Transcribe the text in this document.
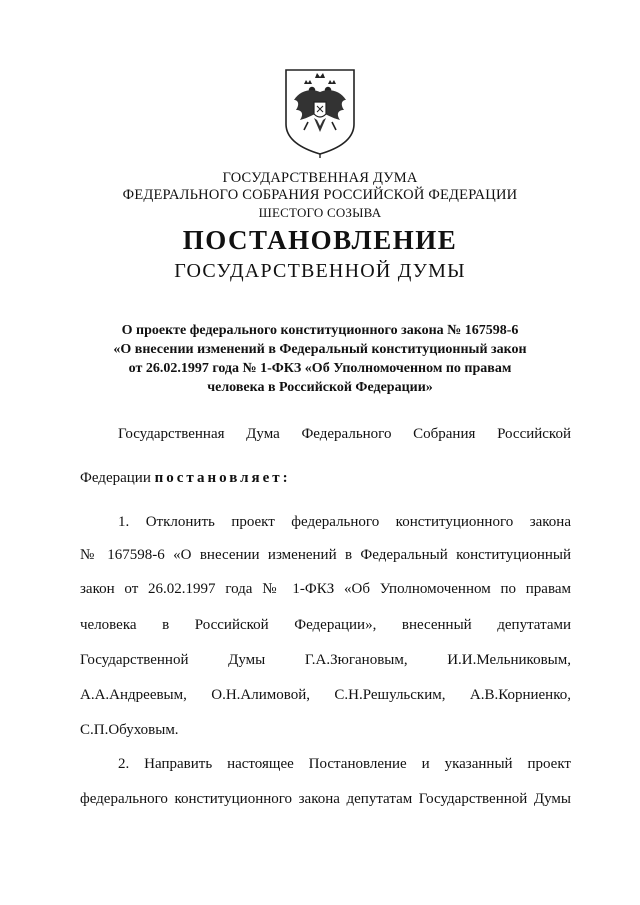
ГОСУДАРСТВЕННАЯ ДУМА
ФЕДЕРАЛЬНОГО СОБРАНИЯ РОССИЙСКОЙ ФЕДЕРАЦИИ
ШЕСТОГО СОЗЫВА
ПОСТАНОВЛЕНИЕ
ГОСУДАРСТВЕННОЙ ДУМЫ
О проекте федерального конституционного закона № 167598-6
«О внесении изменений в Федеральный конституционный закон
от 26.02.1997 года № 1-ФКЗ «Об Уполномоченном по правам
человека в Российской Федерации»
Государственная Дума Федерального Собрания Российской
Федерации постановляет:
1. Отклонить проект федерального конституционного закона
№ 167598-6 «О внесении изменений в Федеральный конституционный
закон от 26.02.1997 года № 1-ФКЗ «Об Уполномоченном по правам
человека в Российской Федерации», внесенный депутатами
Государственной Думы Г.А.Зюгановым, И.И.Мельниковым,
А.А.Андреевым, О.Н.Алимовой, С.Н.Решульским, А.В.Корниенко,
С.П.Обуховым.
2. Направить настоящее Постановление и указанный проект
федерального конституционного закона депутатам Государственной Думы
